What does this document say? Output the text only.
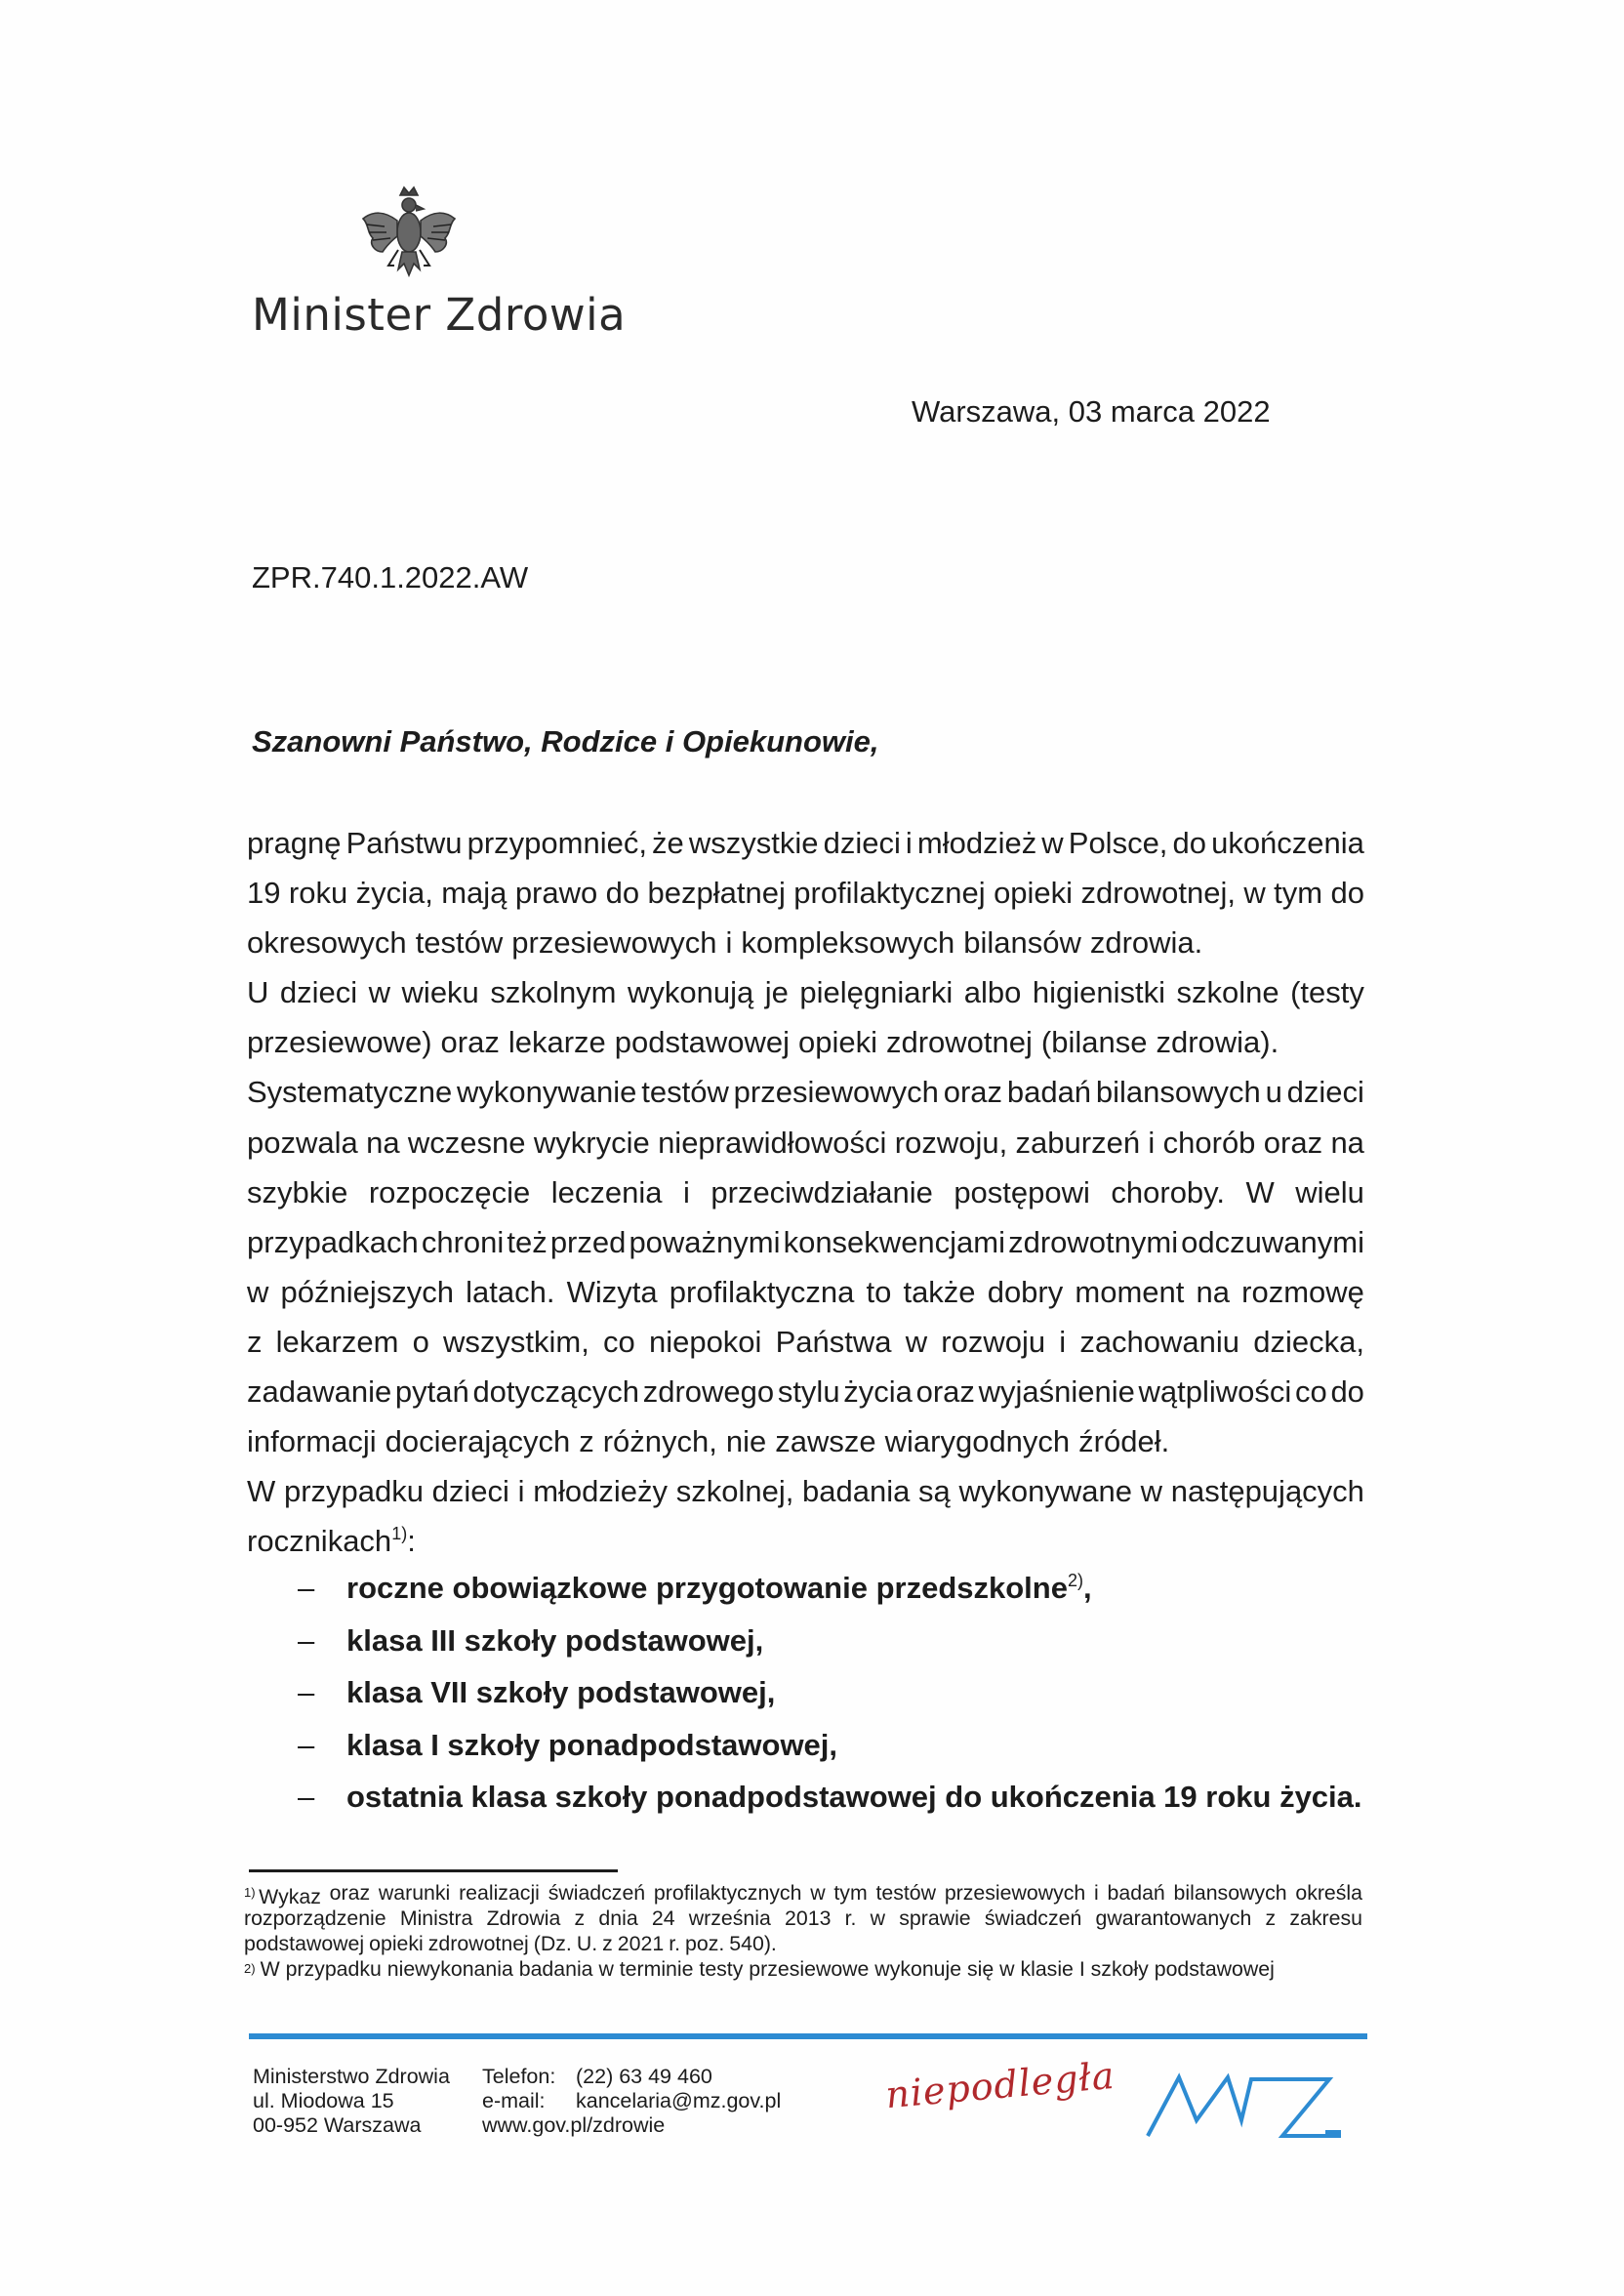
Minister Zdrowia
Warszawa, 03 marca 2022
ZPR.740.1.2022.AW
Szanowni Państwo, Rodzice i Opiekunowie,
pragnę Państwu przypomnieć, że wszystkie dzieci i młodzież w Polsce, do ukończenia
19 roku życia, mają prawo do bezpłatnej profilaktycznej opieki zdrowotnej, w tym do
okresowych testów przesiewowych i kompleksowych bilansów zdrowia.
U dzieci w wieku szkolnym wykonują je pielęgniarki albo higienistki szkolne (testy
przesiewowe) oraz lekarze podstawowej opieki zdrowotnej (bilanse zdrowia).
Systematyczne wykonywanie testów przesiewowych oraz badań bilansowych u dzieci
pozwala na wczesne wykrycie nieprawidłowości rozwoju, zaburzeń i chorób oraz na
szybkie rozpoczęcie leczenia i przeciwdziałanie postępowi choroby. W wielu
przypadkach chroni też przed poważnymi konsekwencjami zdrowotnymi odczuwanymi
w późniejszych latach. Wizyta profilaktyczna to także dobry moment na rozmowę
z lekarzem o wszystkim, co niepokoi Państwa w rozwoju i zachowaniu dziecka,
zadawanie pytań dotyczących zdrowego stylu życia oraz wyjaśnienie wątpliwości co do
informacji docierających z różnych, nie zawsze wiarygodnych źródeł.
W przypadku dzieci i młodzieży szkolnej, badania są wykonywane w następujących
rocznikach$^{1)}$:
–	roczne obowiązkowe przygotowanie przedszkolne$^{2)}$,
–	klasa III szkoły podstawowej,
–	klasa VII szkoły podstawowej,
–	klasa I szkoły ponadpodstawowej,
–	ostatnia klasa szkoły ponadpodstawowej do ukończenia 19 roku życia.
$^{1)}$ Wykaz oraz warunki realizacji świadczeń profilaktycznych w tym testów przesiewowych i badań bilansowych określa
rozporządzenie Ministra Zdrowia z dnia 24 września 2013 r. w sprawie świadczeń gwarantowanych z zakresu
podstawowej opieki zdrowotnej (Dz. U. z 2021 r. poz. 540).
2) W przypadku niewykonania badania w terminie testy przesiewowe wykonuje się w klasie I szkoły podstawowej
Ministerstwo Zdrowia
ul. Miodowa 15
00-952 Warszawa
Telefon: (22) 63 49 460
e-mail:	kancelaria@mz.gov.pl
www.gov.pl/zdrowie
niepodległa
